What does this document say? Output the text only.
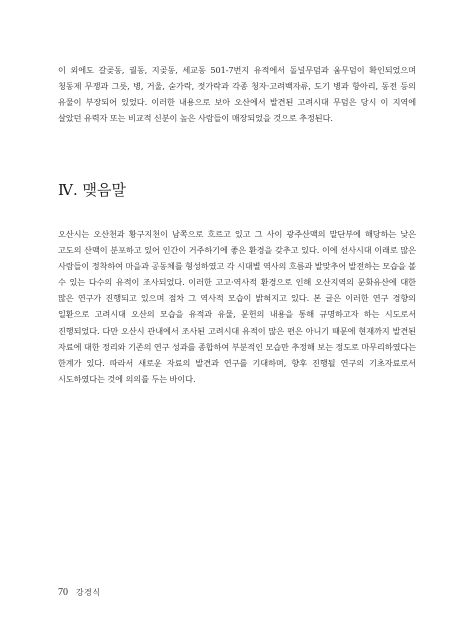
이 외에도 갈곶동, 궐동, 지곶동, 세교동 501-7번지 유적에서 돌널무덤과 움무덤이 확인되었으며 청동제 무쟁과 그릇, 병, 거울, 숟가락, 젓가락과 각종 청자·고려백자류, 도기 병과 항아리, 동전 등의 유물이 부장되어 있었다. 이러한 내용으로 보아 오산에서 발견된 고려시대 무덤은 당시 이 지역에 살았던 유력자 또는 비교적 신분이 높은 사람들이 매장되었을 것으로 추정된다.

Ⅳ. 맺음말

오산시는 오산천과 황구지천이 남쪽으로 흐르고 있고 그 사이 광주산맥의 말단부에 해당하는 낮은 고도의 산맥이 분포하고 있어 인간이 거주하기에 좋은 환경을 갖추고 있다. 이에 선사시대 이래로 많은 사람들이 정착하여 마을과 공동체를 형성하였고 각 시대별 역사의 흐름과 발맞추어 발전하는 모습을 볼 수 있는 다수의 유적이 조사되었다. 이러한 고고·역사적 환경으로 인해 오산지역의 문화유산에 대한 많은 연구가 진행되고 있으며 점차 그 역사적 모습이 밝혀지고 있다. 본 글은 이러한 연구 경향의 일환으로 고려시대 오산의 모습을 유적과 유물, 문헌의 내용을 통해 규명하고자 하는 시도로서 진행되었다. 다만 오산시 관내에서 조사된 고려시대 유적이 많은 편은 아니기 때문에 현재까지 발견된 자료에 대한 정리와 기존의 연구 성과를 종합하여 부분적인 모습만 추정해 보는 정도로 마무리하였다는 한계가 있다. 따라서 새로운 자료의 발견과 연구를 기대하며, 향후 진행될 연구의 기초자료로서 시도하였다는 것에 의의를 두는 바이다.

70 강경식
